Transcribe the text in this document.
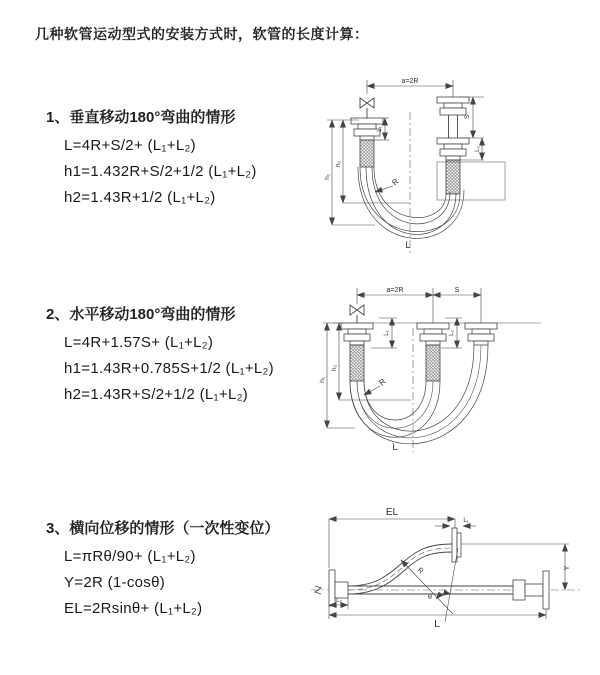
几种软管运动型式的安装方式时，软管的长度计算：
1、垂直移动180°弯曲的情形
L=4R+S/2+ (L₁+L₂)
h1=1.432R+S/2+1/2 (L₁+L₂)
h2=1.43R+1/2 (L₁+L₂)
2、水平移动180°弯曲的情形
L=4R+1.57S+ (L₁+L₂)
h1=1.43R+0.785S+1/2 (L₁+L₂)
h2=1.43R+S/2+1/2 (L₁+L₂)
3、横向位移的情形（一次性变位）
L=πRθ/90+ (L₁+L₂)
Y=2R (1-cosθ)
EL=2Rsinθ+ (L₁+L₂)
a=2R
h₁
h₂
S
L₂
L₁
R
L
a=2R	S
h₁
h₂
L₁	L₂
R
L
EL
L₁
Y
R
θ
L₂
L
